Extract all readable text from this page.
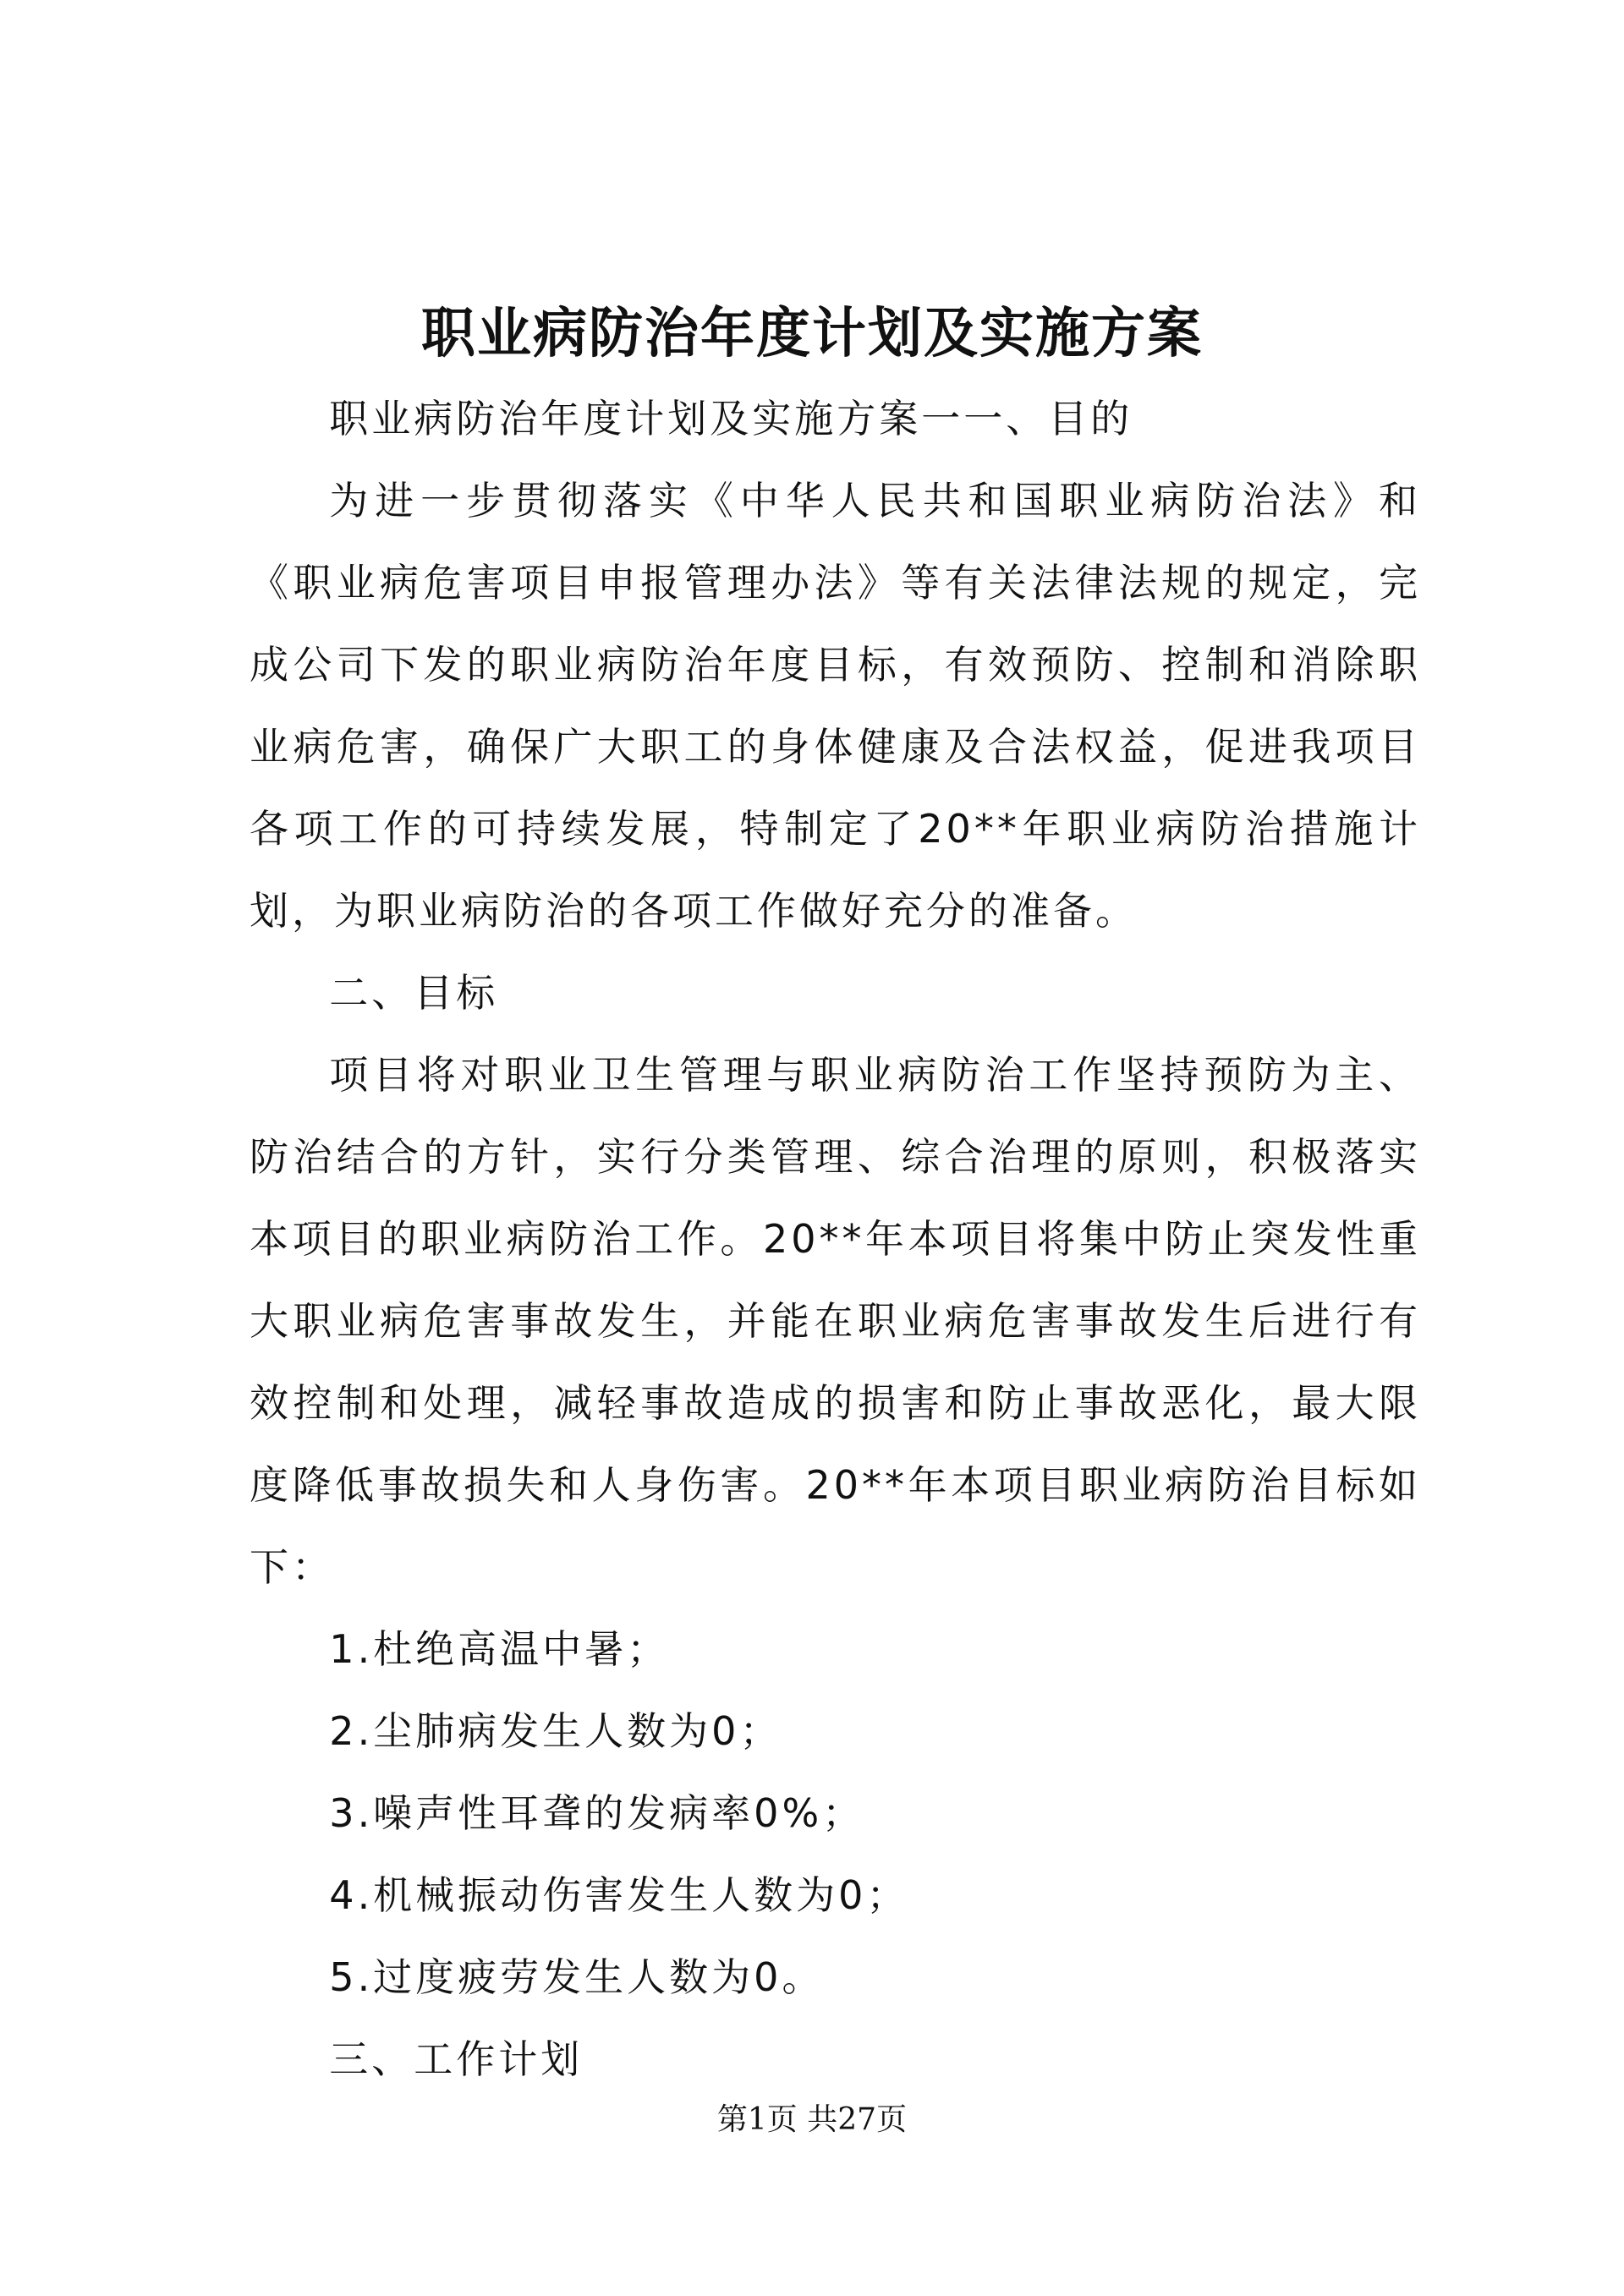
职业病防治年度计划及实施方案

职业病防治年度计划及实施方案一一、目的

为进一步贯彻落实《中华人民共和国职业病防治法》和《职业病危害项目申报管理办法》等有关法律法规的规定，完成公司下发的职业病防治年度目标，有效预防、控制和消除职业病危害，确保广大职工的身体健康及合法权益，促进我项目各项工作的可持续发展，特制定了20**年职业病防治措施计划，为职业病防治的各项工作做好充分的准备。

二、目标

项目将对职业卫生管理与职业病防治工作坚持预防为主、防治结合的方针，实行分类管理、综合治理的原则，积极落实本项目的职业病防治工作。20**年本项目将集中防止突发性重大职业病危害事故发生，并能在职业病危害事故发生后进行有效控制和处理，减轻事故造成的损害和防止事故恶化，最大限度降低事故损失和人身伤害。20**年本项目职业病防治目标如下：

1.杜绝高温中暑；

2.尘肺病发生人数为0；

3.噪声性耳聋的发病率0%；

4.机械振动伤害发生人数为0；

5.过度疲劳发生人数为0。

三、工作计划

第1页 共27页
